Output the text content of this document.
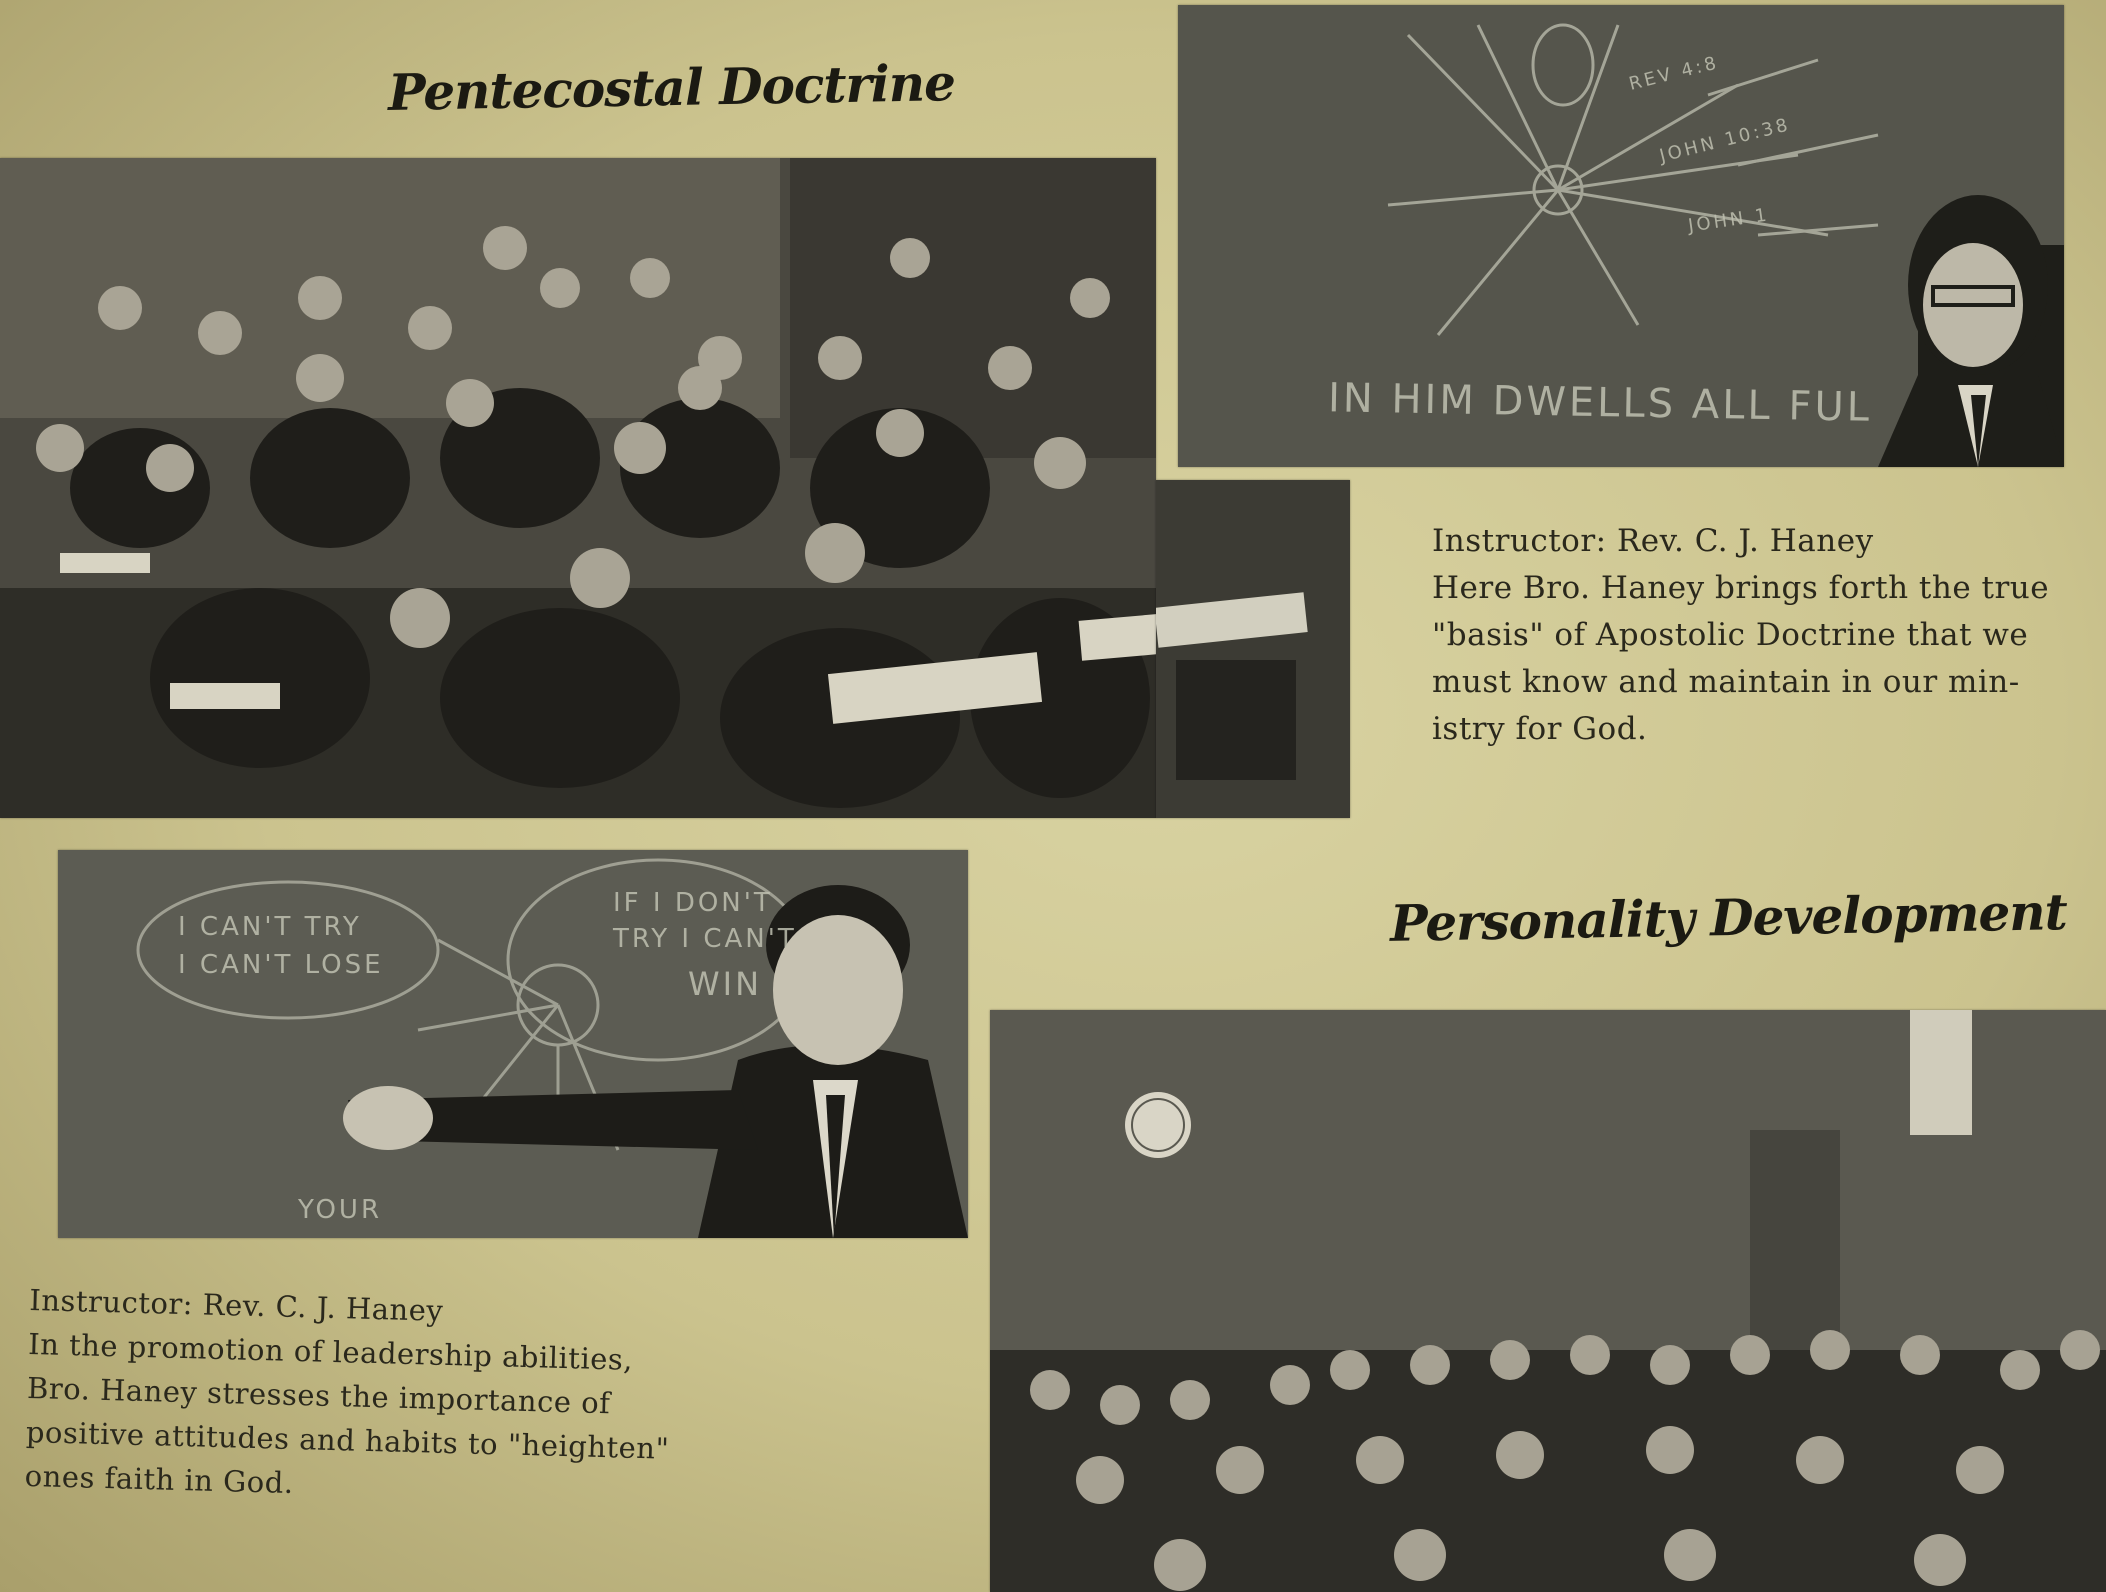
Pentecostal Doctrine
IN HIM DWELLS ALL FUL
REV 4:8
JOHN 10:38
JOHN 1
Instructor: Rev. C. J. Haney
Here Bro. Haney brings forth the true
"basis" of Apostolic Doctrine that we
must know and maintain in our min-
istry for God.
I CAN'T TRY
I CAN'T LOSE
IF I DON'T
TRY I CAN'T
WIN
YOUR
Personality Development
Instructor: Rev. C. J. Haney
In the promotion of leadership abilities,
Bro. Haney stresses the importance of
positive attitudes and habits to "heighten"
ones faith in God.
